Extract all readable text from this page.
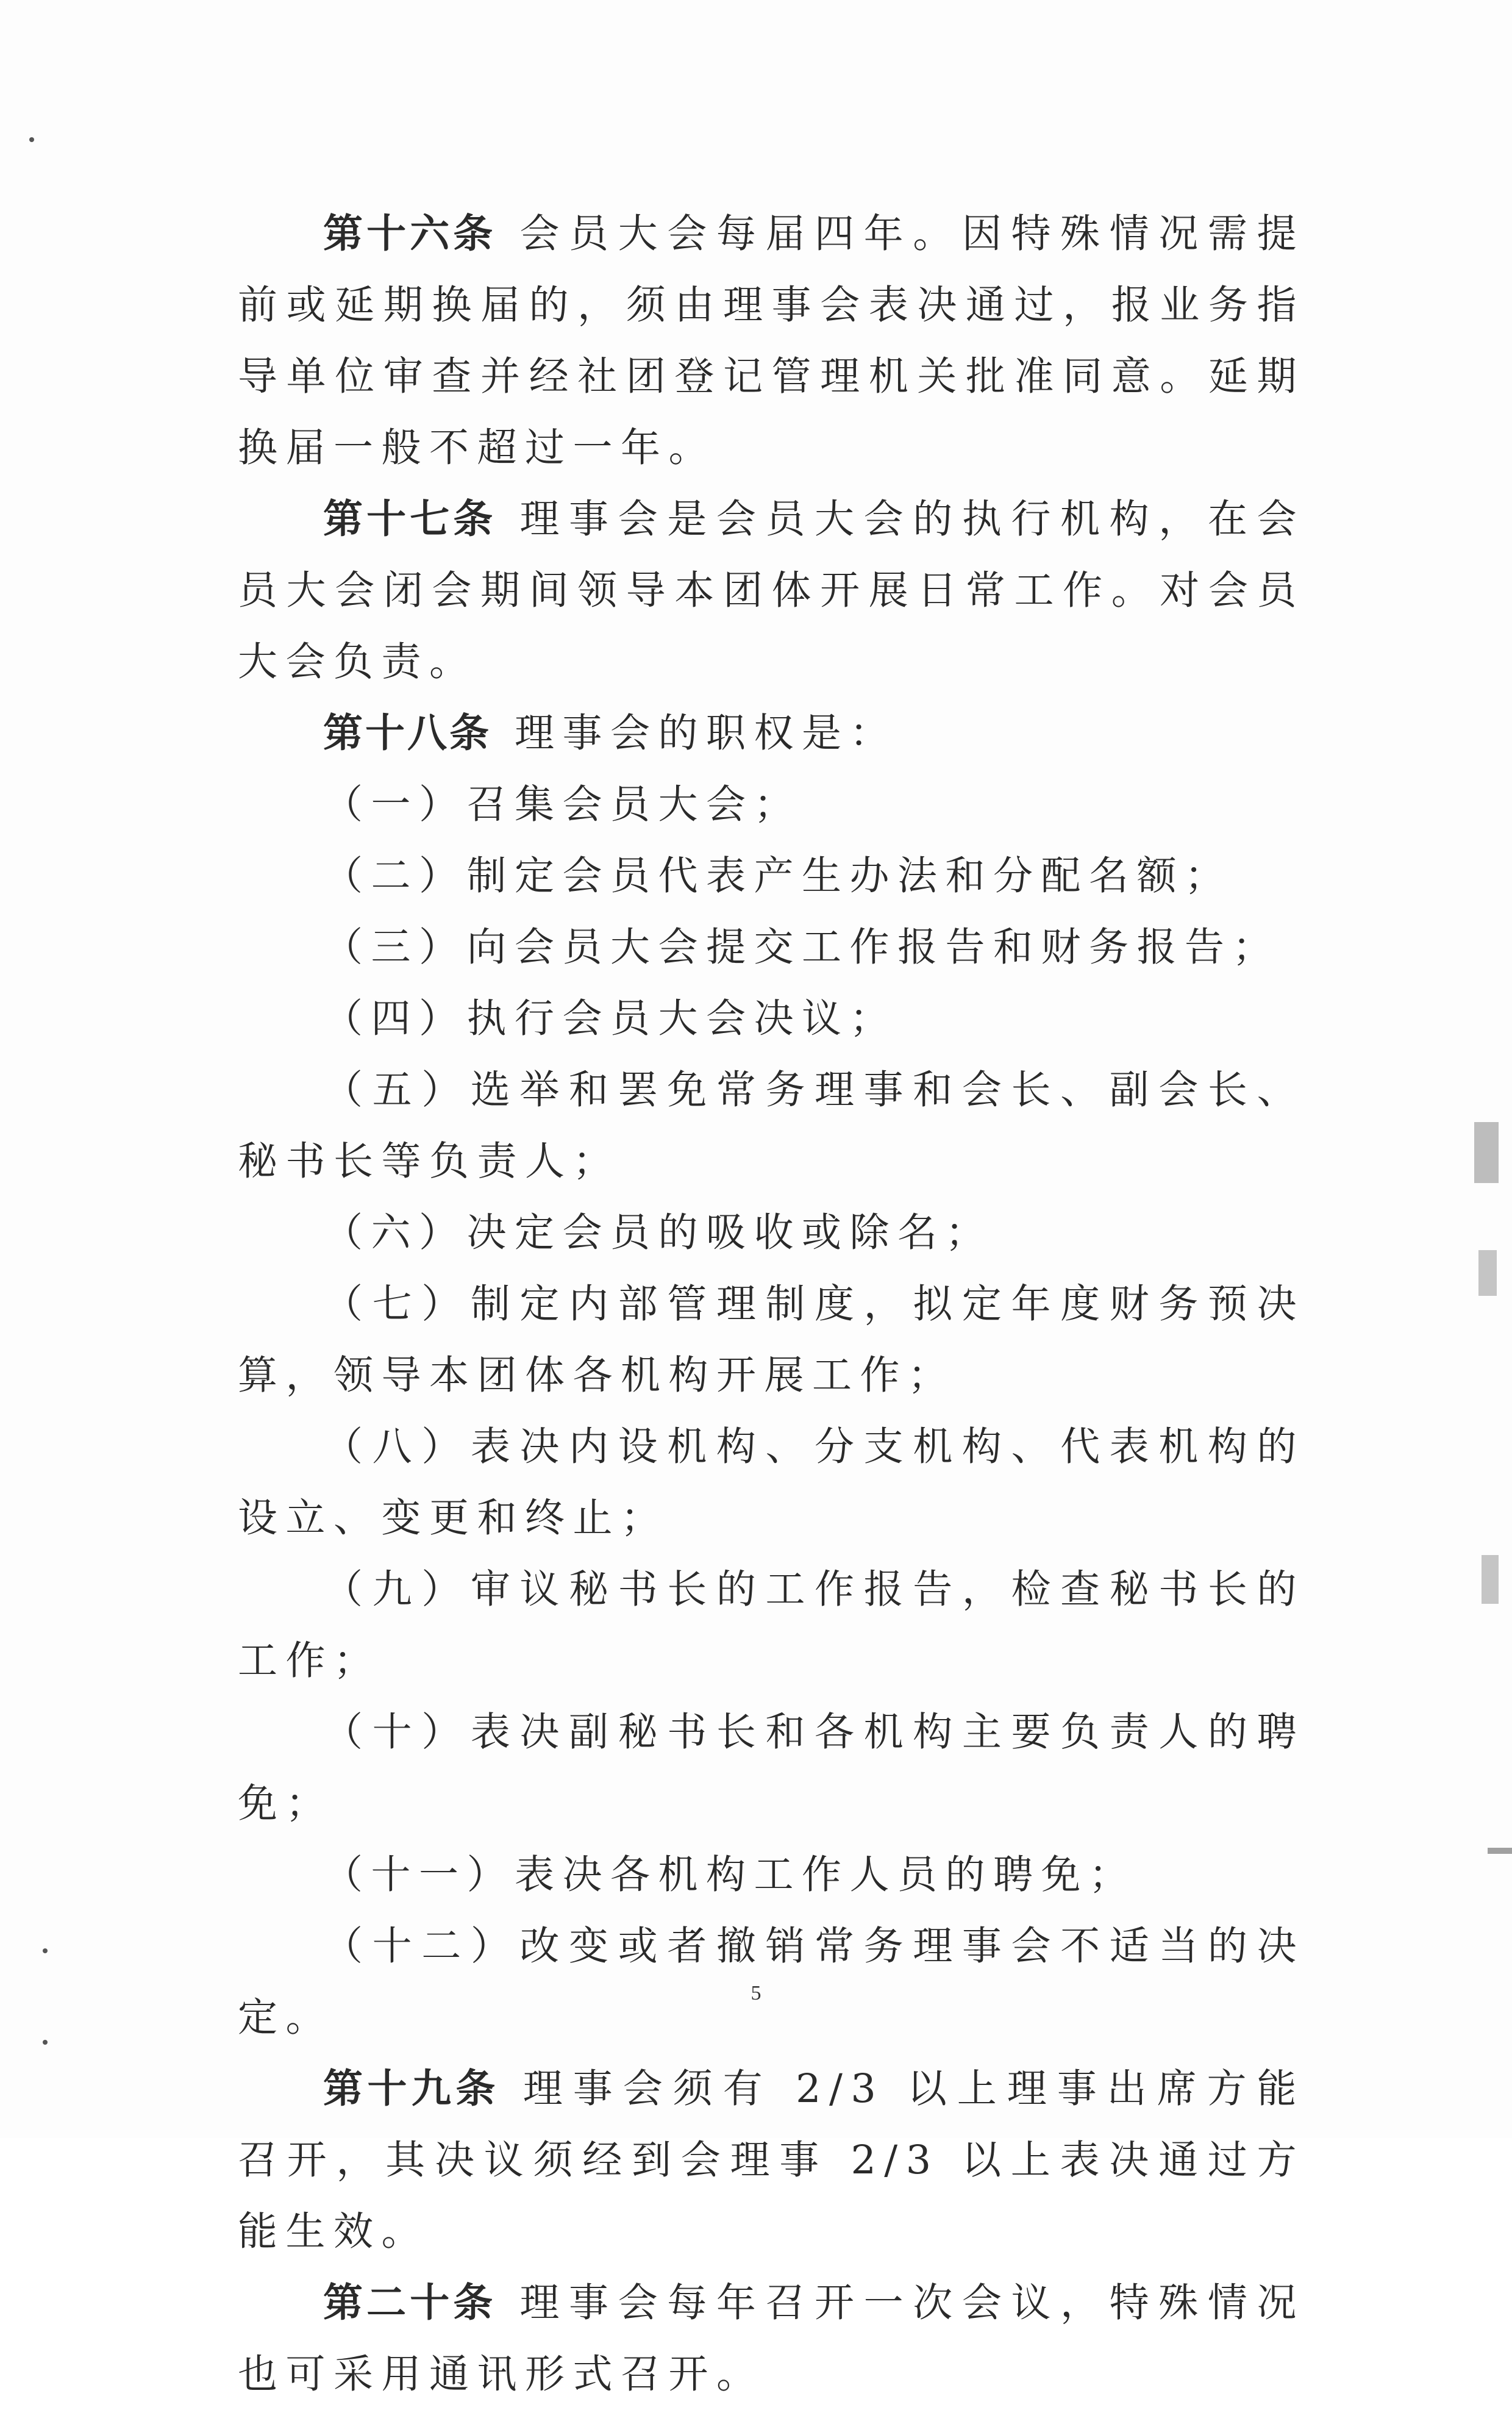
第十六条 会员大会每届四年。因特殊情况需提前或延期换届的，须由理事会表决通过，报业务指导单位审查并经社团登记管理机关批准同意。延期换届一般不超过一年。

第十七条 理事会是会员大会的执行机构，在会员大会闭会期间领导本团体开展日常工作。对会员大会负责。

第十八条 理事会的职权是：

（一）召集会员大会；

（二）制定会员代表产生办法和分配名额；

（三）向会员大会提交工作报告和财务报告；

（四）执行会员大会决议；

（五）选举和罢免常务理事和会长、副会长、秘书长等负责人；

（六）决定会员的吸收或除名；

（七）制定内部管理制度，拟定年度财务预决算，领导本团体各机构开展工作；

（八）表决内设机构、分支机构、代表机构的设立、变更和终止；

（九）审议秘书长的工作报告，检查秘书长的工作；

（十）表决副秘书长和各机构主要负责人的聘免；

（十一）表决各机构工作人员的聘免；

（十二）改变或者撤销常务理事会不适当的决定。

第十九条 理事会须有 2/3 以上理事出席方能召开，其决议须经到会理事 2/3 以上表决通过方能生效。

第二十条 理事会每年召开一次会议，特殊情况也可采用通讯形式召开。

5
